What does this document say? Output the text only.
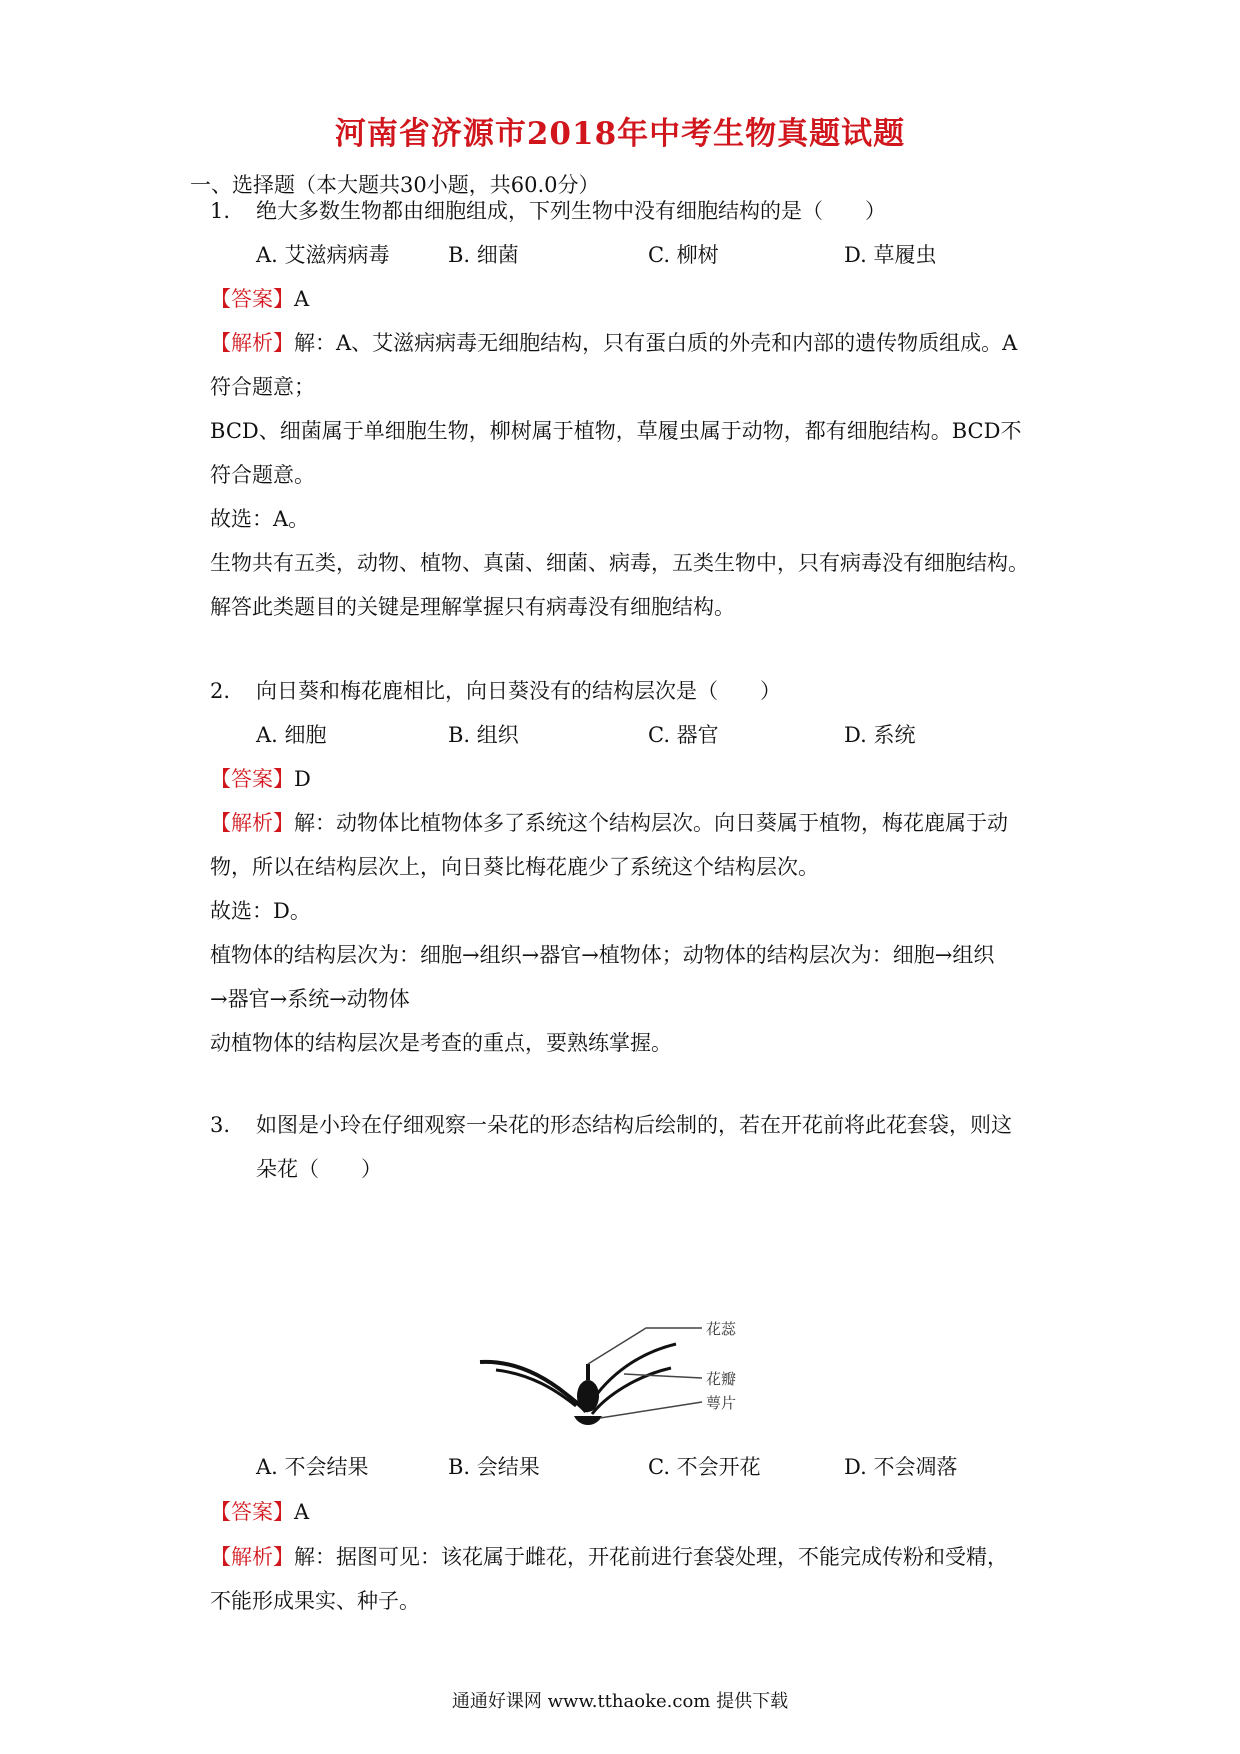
河南省济源市2018年中考生物真题试题
一、选择题（本大题共30小题，共60.0分）
1. 绝大多数生物都由细胞组成，下列生物中没有细胞结构的是（　　）
A. 艾滋病病毒	B. 细菌	C. 柳树	D. 草履虫
【答案】A
【解析】解：A、艾滋病病毒无细胞结构，只有蛋白质的外壳和内部的遗传物质组成。A
符合题意；
BCD、细菌属于单细胞生物，柳树属于植物，草履虫属于动物，都有细胞结构。BCD不
符合题意。
故选：A。
生物共有五类，动物、植物、真菌、细菌、病毒，五类生物中，只有病毒没有细胞结构。
解答此类题目的关键是理解掌握只有病毒没有细胞结构。
2. 向日葵和梅花鹿相比，向日葵没有的结构层次是（　　）
A. 细胞	B. 组织	C. 器官	D. 系统
【答案】D
【解析】解：动物体比植物体多了系统这个结构层次。向日葵属于植物，梅花鹿属于动
物，所以在结构层次上，向日葵比梅花鹿少了系统这个结构层次。
故选：D。
植物体的结构层次为：细胞→组织→器官→植物体；动物体的结构层次为：细胞→组织
→器官→系统→动物体
动植物体的结构层次是考查的重点，要熟练掌握。
3. 如图是小玲在仔细观察一朵花的形态结构后绘制的，若在开花前将此花套袋，则这
朵花（　　）
花蕊
花瓣
萼片
A. 不会结果	B. 会结果	C. 不会开花	D. 不会凋落
【答案】A
【解析】解：据图可见：该花属于雌花，开花前进行套袋处理，不能完成传粉和受精，
不能形成果实、种子。
通通好课网 www.tthaoke.com 提供下载
